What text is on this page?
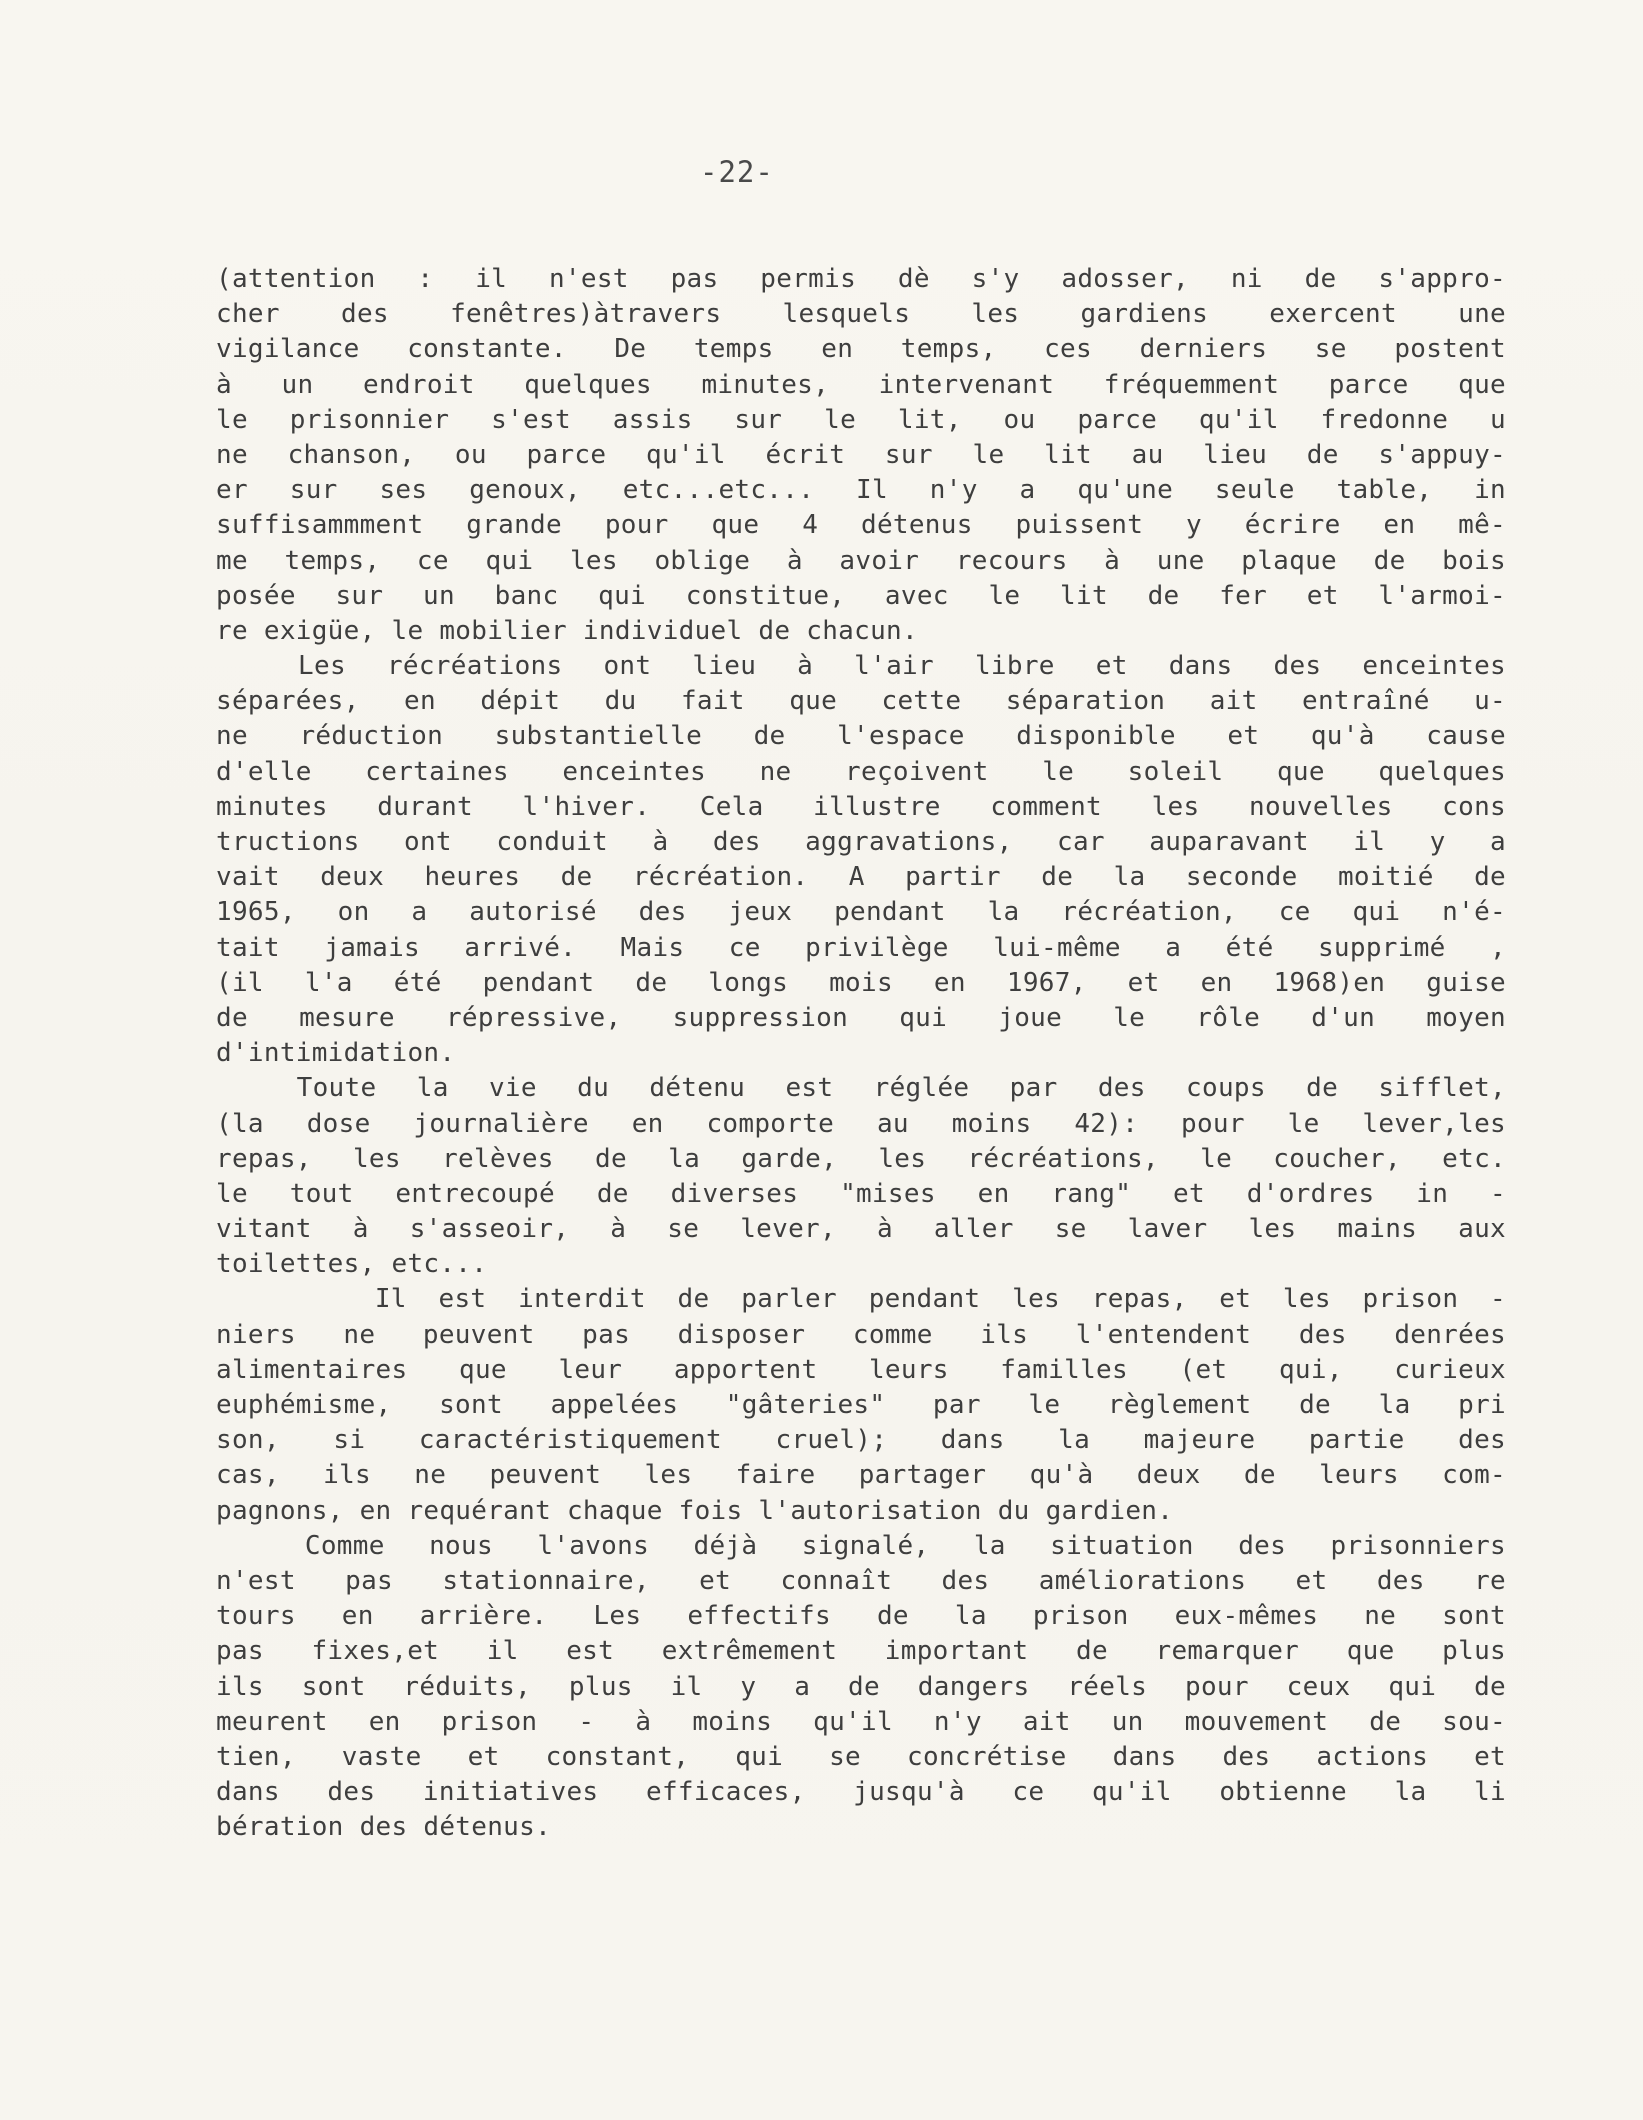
-22-
(attention : il n'est pas permis dè s'y adosser, ni de s'appro-
cher des fenêtres)àtravers lesquels les gardiens exercent une
vigilance constante. De temps en temps, ces derniers se postent
à un endroit quelques minutes, intervenant fréquemment parce que
le prisonnier s'est assis sur le lit, ou parce qu'il fredonne u
ne chanson, ou parce qu'il écrit sur le lit au lieu de s'appuy-
er sur ses genoux, etc...etc... Il n'y a qu'une seule table, in
suffisammment grande pour que 4 détenus puissent y écrire en mê-
me temps, ce qui les oblige à avoir recours à une plaque de bois
posée sur un banc qui constitue, avec le lit de fer et l'armoi-
re exigüe, le mobilier individuel de chacun.
Les récréations ont lieu à l'air libre et dans des enceintes
séparées, en dépit du fait que cette séparation ait entraîné u-
ne réduction substantielle de l'espace disponible et qu'à cause
d'elle certaines enceintes ne reçoivent le soleil que quelques
minutes durant l'hiver. Cela illustre comment les nouvelles cons
tructions ont conduit à des aggravations, car auparavant il y a
vait deux heures de récréation. A partir de la seconde moitié de
1965, on a autorisé des jeux pendant la récréation, ce qui n'é-
tait jamais arrivé. Mais ce privilège lui-même a été supprimé ,
(il l'a été pendant de longs mois en 1967, et en 1968)en guise
de mesure répressive, suppression qui joue le rôle d'un moyen
d'intimidation.
Toute la vie du détenu est réglée par des coups de sifflet,
(la dose journalière en comporte au moins 42): pour le lever,les
repas, les relèves de la garde, les récréations, le coucher, etc.
le tout entrecoupé de diverses "mises en rang" et d'ordres in -
vitant à s'asseoir, à se lever, à aller se laver les mains aux
toilettes, etc...
Il est interdit de parler pendant les repas, et les prison -
niers ne peuvent pas disposer comme ils l'entendent des denrées
alimentaires que leur apportent leurs familles (et qui, curieux
euphémisme, sont appelées "gâteries" par le règlement de la pri
son, si caractéristiquement cruel); dans la majeure partie des
cas, ils ne peuvent les faire partager qu'à deux de leurs com-
pagnons, en requérant chaque fois l'autorisation du gardien.
Comme nous l'avons déjà signalé, la situation des prisonniers
n'est pas stationnaire, et connaît des améliorations et des re
tours en arrière. Les effectifs de la prison eux-mêmes ne sont
pas fixes,et il est extrêmement important de remarquer que plus
ils sont réduits, plus il y a de dangers réels pour ceux qui de
meurent en prison - à moins qu'il n'y ait un mouvement de sou-
tien, vaste et constant, qui se concrétise dans des actions et
dans des initiatives efficaces, jusqu'à ce qu'il obtienne la li
bération des détenus.
